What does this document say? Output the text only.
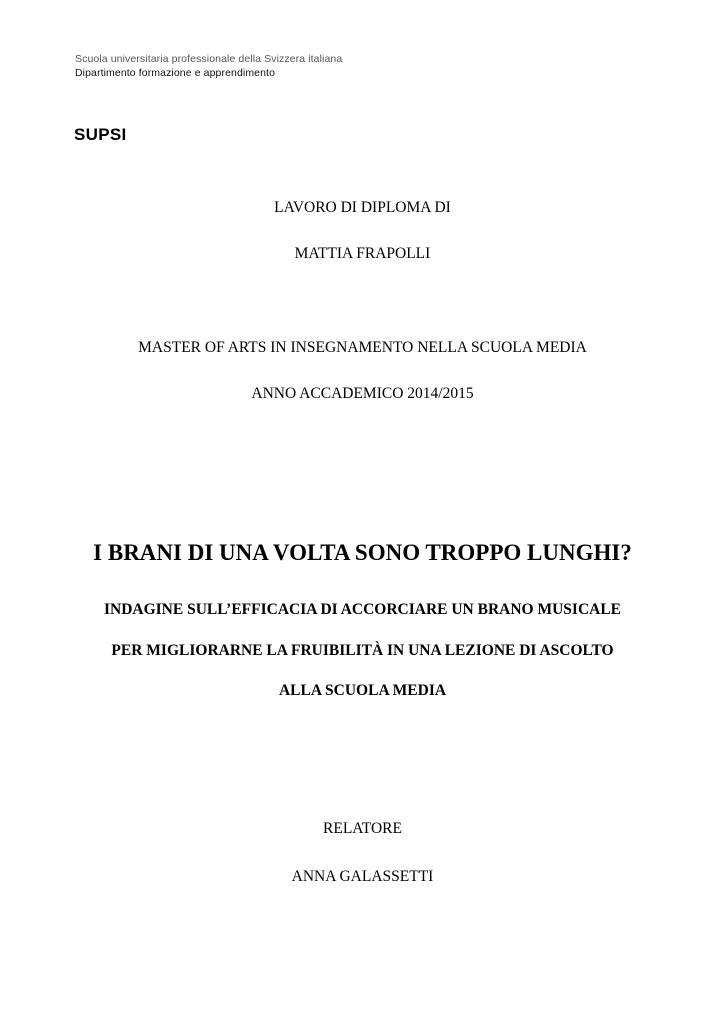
Scuola universitaria professionale della Svizzera italiana
Dipartimento formazione e apprendimento
SUPSI
LAVORO DI DIPLOMA DI
MATTIA FRAPOLLI
MASTER OF ARTS IN INSEGNAMENTO NELLA SCUOLA MEDIA
ANNO ACCADEMICO 2014/2015
I BRANI DI UNA VOLTA SONO TROPPO LUNGHI?
INDAGINE SULL’EFFICACIA DI ACCORCIARE UN BRANO MUSICALE
PER MIGLIORARNE LA FRUIBILITÀ IN UNA LEZIONE DI ASCOLTO
ALLA SCUOLA MEDIA
RELATORE
ANNA GALASSETTI
